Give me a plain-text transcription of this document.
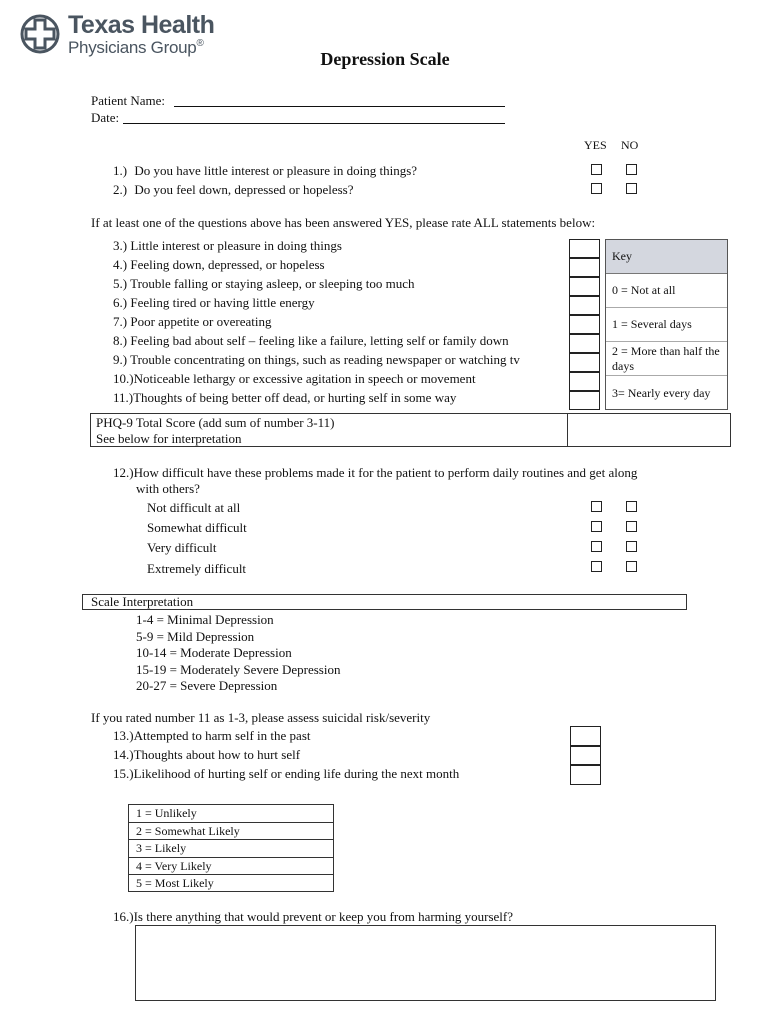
Texas Health
Physicians Group®
Depression Scale
Patient Name:
Date:
YES NO
1.) Do you have little interest or pleasure in doing things?
2.) Do you feel down, depressed or hopeless?
If at least one of the questions above has been answered YES, please rate ALL statements below:
3.) Little interest or pleasure in doing things
4.) Feeling down, depressed, or hopeless
5.) Trouble falling or staying asleep, or sleeping too much
6.) Feeling tired or having little energy
7.) Poor appetite or overeating
8.) Feeling bad about self – feeling like a failure, letting self or family down
9.) Trouble concentrating on things, such as reading newspaper or watching tv
10.)Noticeable lethargy or excessive agitation in speech or movement
11.)Thoughts of being better off dead, or hurting self in some way
Key
0 = Not at all
1 = Several days
2 = More than half the days
3= Nearly every day
PHQ-9 Total Score (add sum of number 3-11)
See below for interpretation
12.)How difficult have these problems made it for the patient to perform daily routines and get along
with others?
Not difficult at all
Somewhat difficult
Very difficult
Extremely difficult
Scale Interpretation
1-4 = Minimal Depression
5-9 = Mild Depression
10-14 = Moderate Depression
15-19 = Moderately Severe Depression
20-27 = Severe Depression
If you rated number 11 as 1-3, please assess suicidal risk/severity
13.)Attempted to harm self in the past
14.)Thoughts about how to hurt self
15.)Likelihood of hurting self or ending life during the next month
1 = Unlikely
2 = Somewhat Likely
3 = Likely
4 = Very Likely
5 = Most Likely
16.)Is there anything that would prevent or keep you from harming yourself?
